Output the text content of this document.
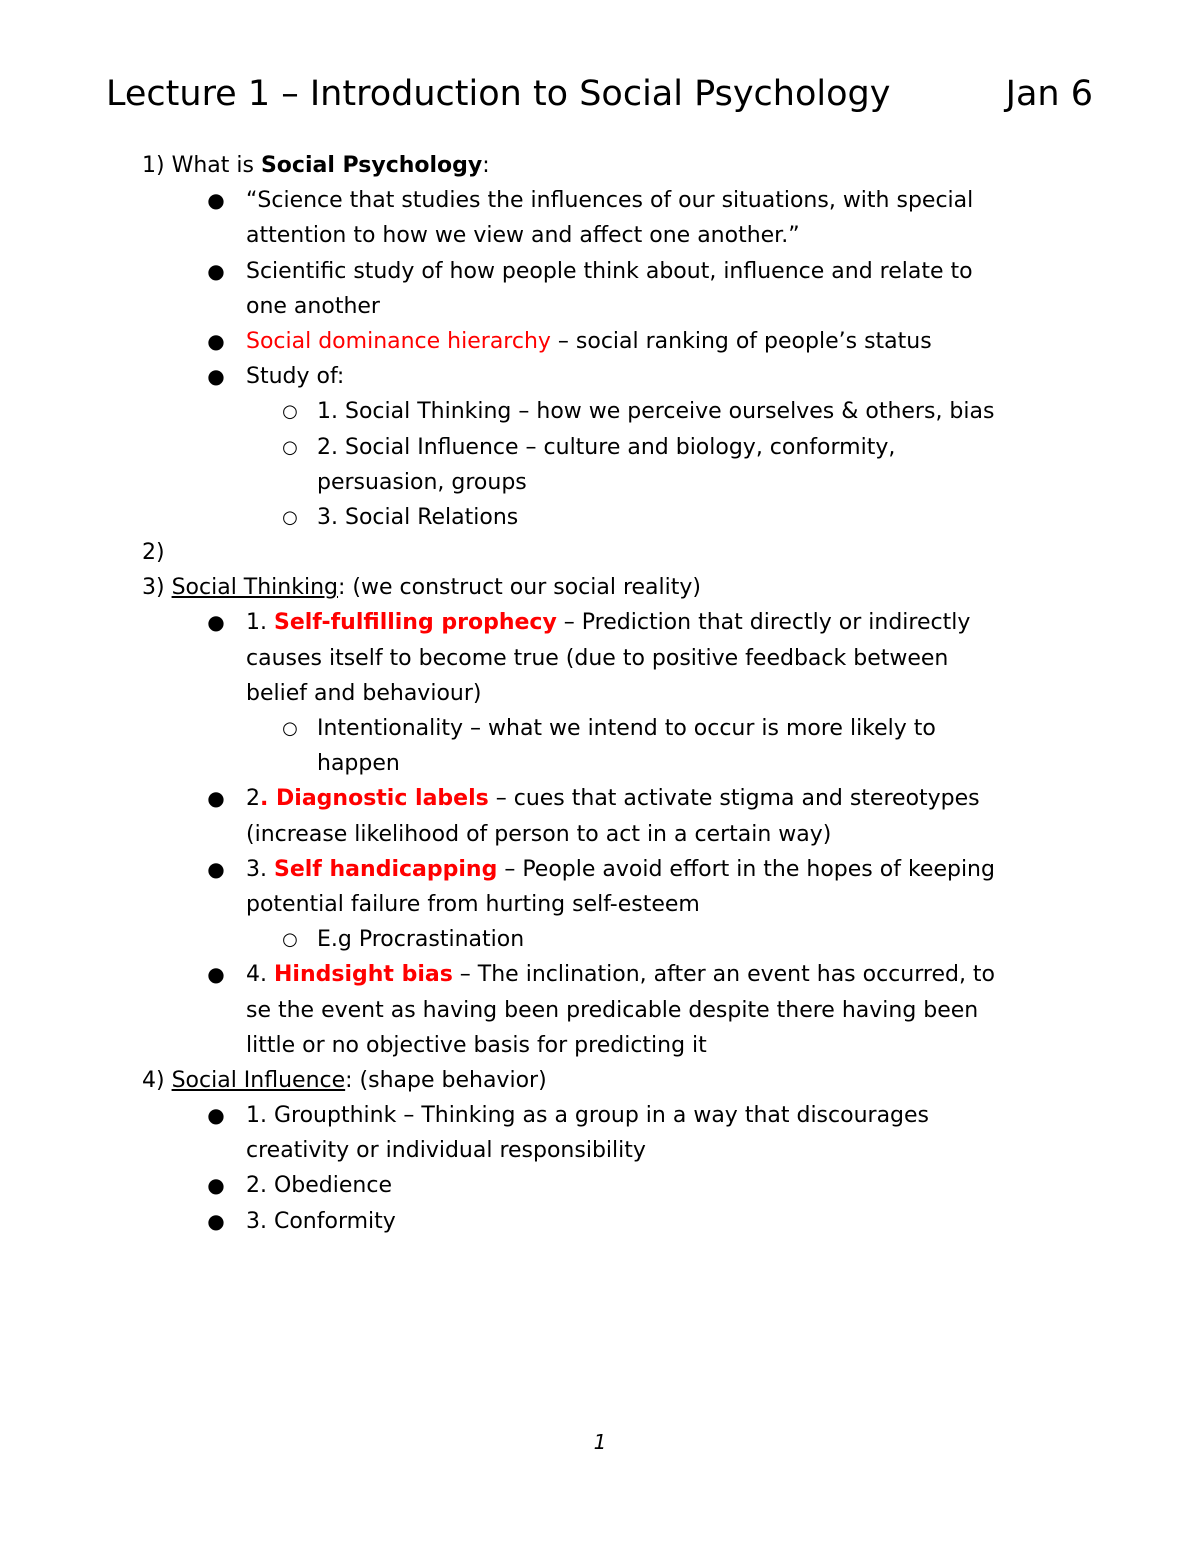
Lecture 1 – Introduction to Social Psychology	Jan 6
1) What is Social Psychology:
● “Science that studies the influences of our situations, with special
attention to how we view and affect one another.”
● Scientific study of how people think about, influence and relate to
one another
● Social dominance hierarchy – social ranking of people’s status
● Study of:
○ 1. Social Thinking – how we perceive ourselves & others, bias
○ 2. Social Influence – culture and biology, conformity,
persuasion, groups
○ 3. Social Relations
2)
3) Social Thinking: (we construct our social reality)
● 1. Self-fulfilling prophecy – Prediction that directly or indirectly
causes itself to become true (due to positive feedback between
belief and behaviour)
○ Intentionality – what we intend to occur is more likely to
happen
● 2. Diagnostic labels – cues that activate stigma and stereotypes
(increase likelihood of person to act in a certain way)
● 3. Self handicapping – People avoid effort in the hopes of keeping
potential failure from hurting self-esteem
○ E.g Procrastination
● 4. Hindsight bias – The inclination, after an event has occurred, to
se the event as having been predicable despite there having been
little or no objective basis for predicting it
4) Social Influence: (shape behavior)
● 1. Groupthink – Thinking as a group in a way that discourages
creativity or individual responsibility
● 2. Obedience
● 3. Conformity
1
